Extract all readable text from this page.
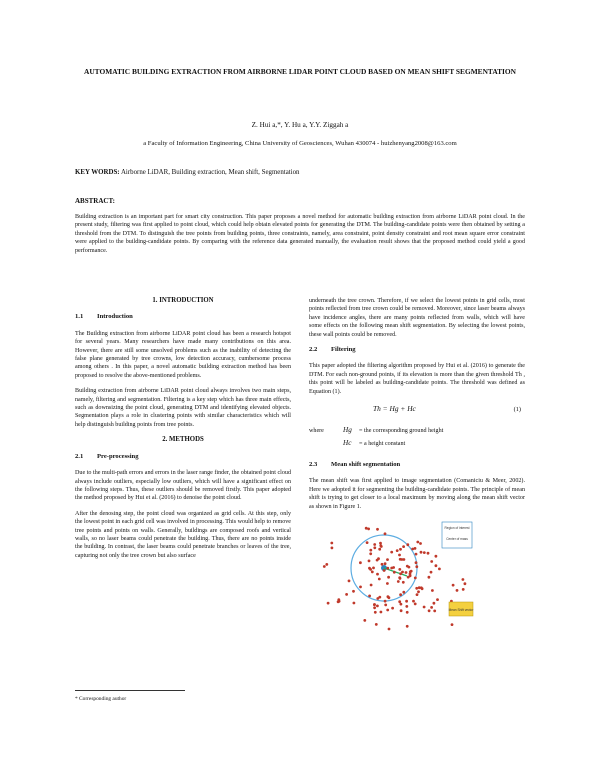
AUTOMATIC BUILDING EXTRACTION FROM AIRBORNE LIDAR POINT CLOUD BASED ON MEAN SHIFT SEGMENTATION
Z. Hui a,*, Y. Hu a, Y.Y. Ziggah a
a Faculty of Information Engineering, China University of Geosciences, Wuhan 430074 - huizhenyang2008@163.com
KEY WORDS: Airborne LiDAR, Building extraction, Mean shift, Segmentation
ABSTRACT:
Building extraction is an important part for smart city construction. This paper proposes a novel method for automatic building extraction from airborne LiDAR point cloud. In the present study, filtering was first applied to point cloud, which could help obtain elevated points for generating the DTM. The building-candidate points were then obtained by setting a threshold from the DTM. To distinguish the tree points from building points, three constraints, namely, area constraint, point density constraint and root mean square error constraint were applied to the building-candidate points. By comparing with the reference data generated manually, the evaluation result shows that the proposed method could yield a good performance.
1. INTRODUCTION
1.1 Introduction

The Building extraction from airborne LiDAR point cloud has been a research hotspot for several years. Many researchers have made many contributions on this area. However, there are still some unsolved problems such as the inability of detecting the false plane generated by tree crowns, low detection accuracy, cumbersome process among others . In this paper, a novel automatic building extraction method has been proposed to resolve the above-mentioned problems.

Building extraction from airborne LiDAR point cloud always involves two main steps, namely, filtering and segmentation. Filtering is a key step which has three main effects, such as downsizing the point cloud, generating DTM and identifying elevated objects. Segmentation plays a role in clustering points with similar characteristics which will help distinguish building points from tree points.

2. METHODS
2.1 Pre-processing

Due to the multi-path errors and errors in the laser range finder, the obtained point cloud always include outliers, especially low outliers, which will have a significant effect on the following steps. Thus, these outliers should be removed firstly. This paper adopted the method proposed by Hui et al. (2016) to denoise the point cloud.

After the denosing step, the point cloud was organized as grid cells. At this step, only the lowest point in each grid cell was involved in processing. This would help to remove tree points and points on walls. Generally, buildings are composed roofs and vertical walls, so no laser beams could penetrate the building. Thus, there are no points inside the building. In contrast, the laser beams could penetrate branches or leaves of the tree, capturing not only the tree crown but also surface

underneath the tree crown. Therefore, if we select the lowest points in grid cells, most points reflected from tree crown could be removed. Moreover, since laser beams always have incidence angles, there are many points reflected from walls, which will have some effects on the following mean shift segmentation. By selecting the lowest points, these wall points could be removed.

2.2 Filtering

This paper adopted the filtering algorithm proposed by Hui et al. (2016) to generate the DTM. For each non-ground points, if its elevation is more than the given threshold Th , this point will be labeled as building-candidate points. The threshold was defined as Equation (1).

Th = Hg + Hc	(1)
where	Hg = the corresponding ground height
Hc = a height constant
2.3 Mean shift segmentation

The mean shift was first applied to image segmentation (Comaniciu & Meer, 2002). Here we adopted it for segmenting the building-candidate points. The principle of mean shift is trying to get closer to a local maximum by moving along the mean shift vector as shown in Figure 1.

Region of interest
Center of mass
Mean Shift vector
* Corresponding author
